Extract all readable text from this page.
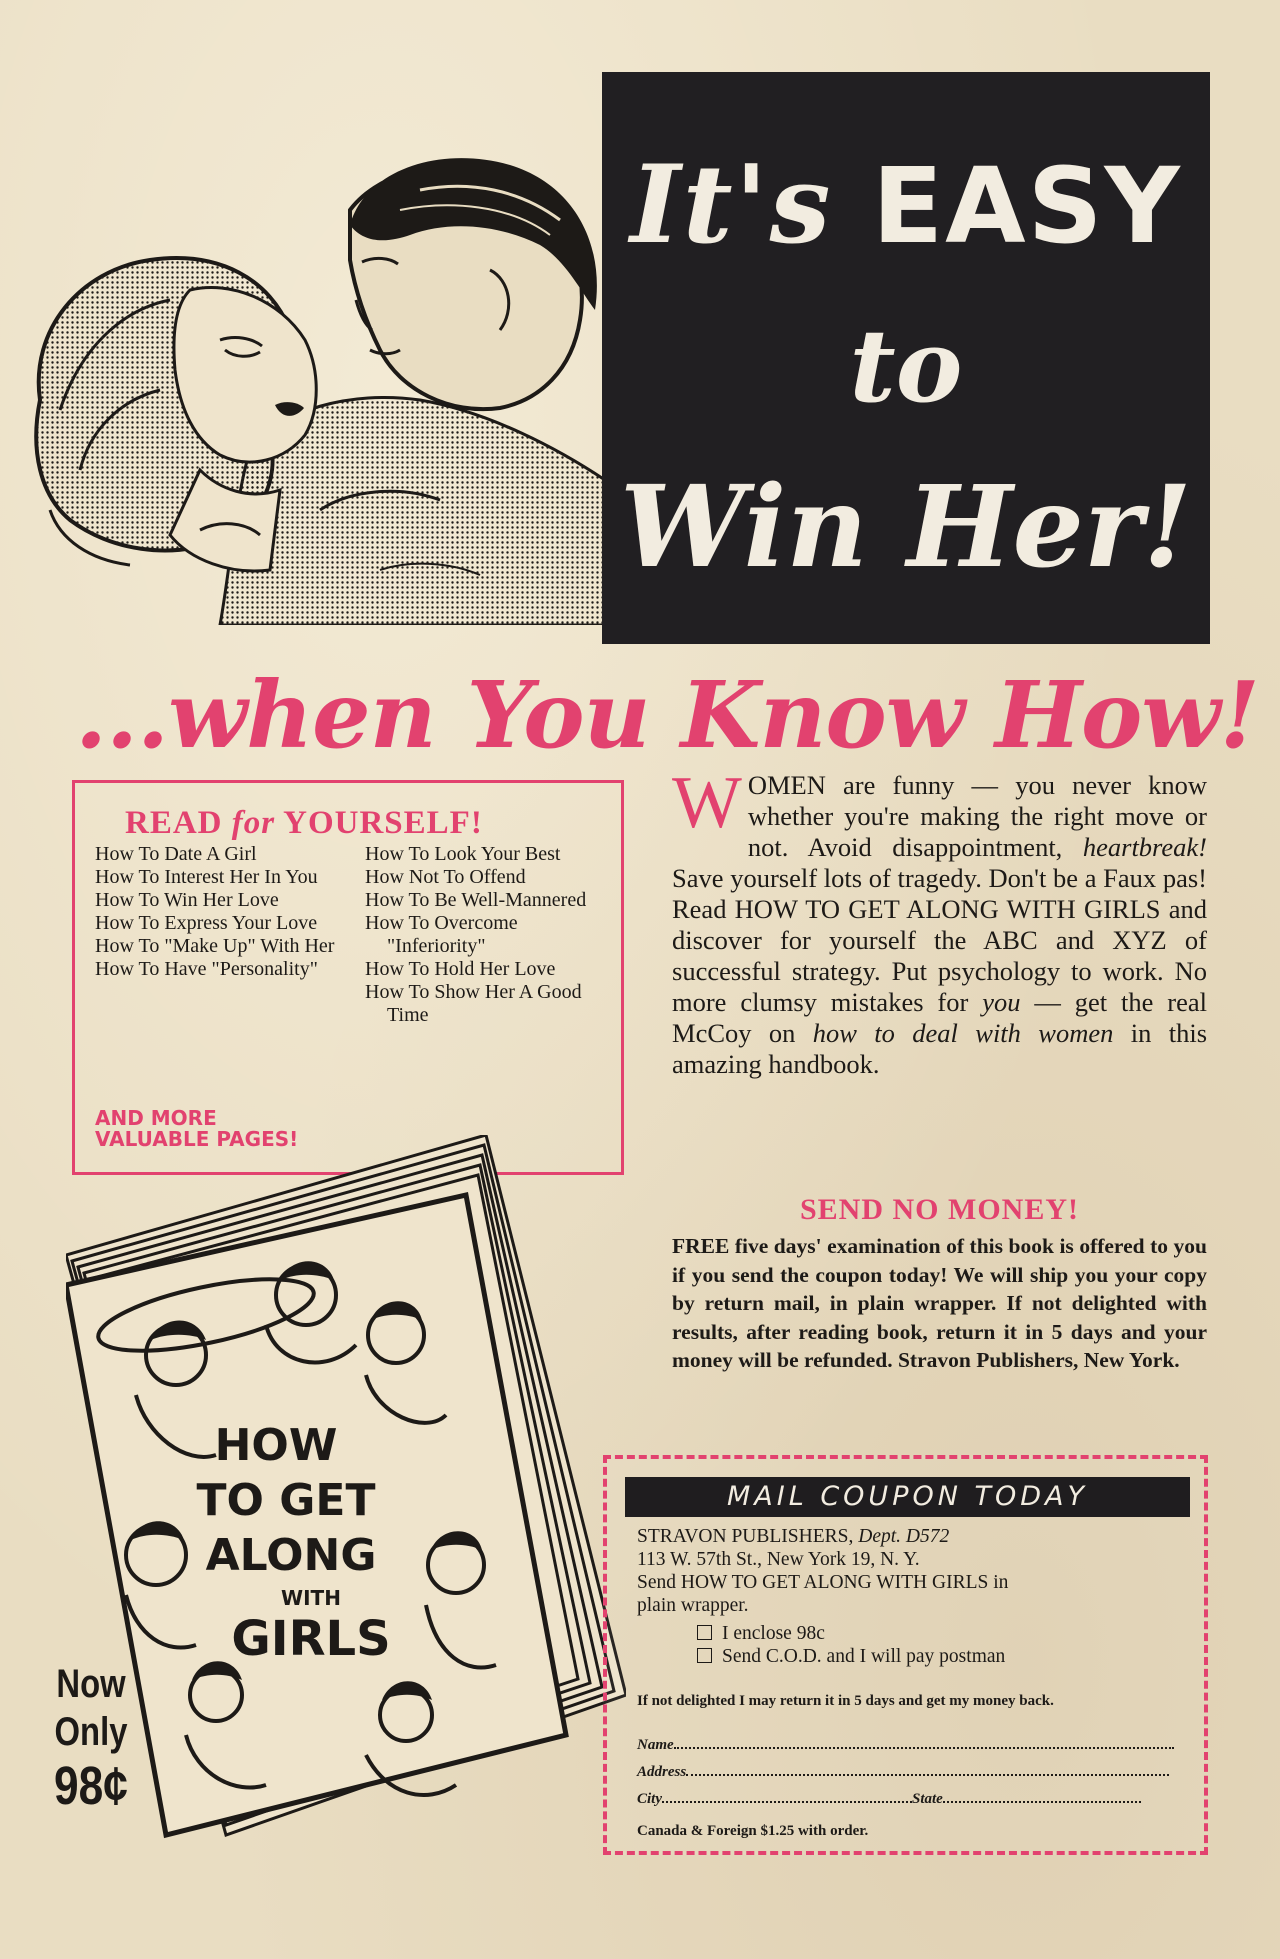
It's EASY
to
Win Her!
...when You Know How!
READ for YOURSELF!
How To Date A Girl
How To Interest Her In You
How To Win Her Love
How To Express Your Love
How To "Make Up" With Her
How To Have "Personality"
How To Look Your Best
How Not To Offend
How To Be Well-Mannered
How To Overcome "Inferiority"
How To Hold Her Love
How To Show Her A Good Time
AND MORE
VALUABLE PAGES!
WOMEN are funny — you never know whether you're making the right move or not. Avoid disappointment, heartbreak! Save yourself lots of tragedy. Don't be a Faux pas! Read HOW TO GET ALONG WITH GIRLS and discover for yourself the ABC and XYZ of successful strategy. Put psychology to work. No more clumsy mistakes for you — get the real McCoy on how to deal with women in this amazing handbook.
SEND NO MONEY!
FREE five days' examination of this book is offered to you if you send the coupon today! We will ship you your copy by return mail, in plain wrapper. If not delighted with results, after reading book, return it in 5 days and your money will be refunded. Stravon Publishers, New York.
HOW
TO GET
ALONG
WITH
GIRLS
Now
Only
98¢
MAIL COUPON TODAY
STRAVON PUBLISHERS, Dept. D572
113 W. 57th St., New York 19, N. Y.
Send HOW TO GET ALONG WITH GIRLS in
plain wrapper.
I enclose 98c
Send C.O.D. and I will pay postman
If not delighted I may return it in 5 days and get my money back.
Name
Address
City	State
Canada & Foreign $1.25 with order.
